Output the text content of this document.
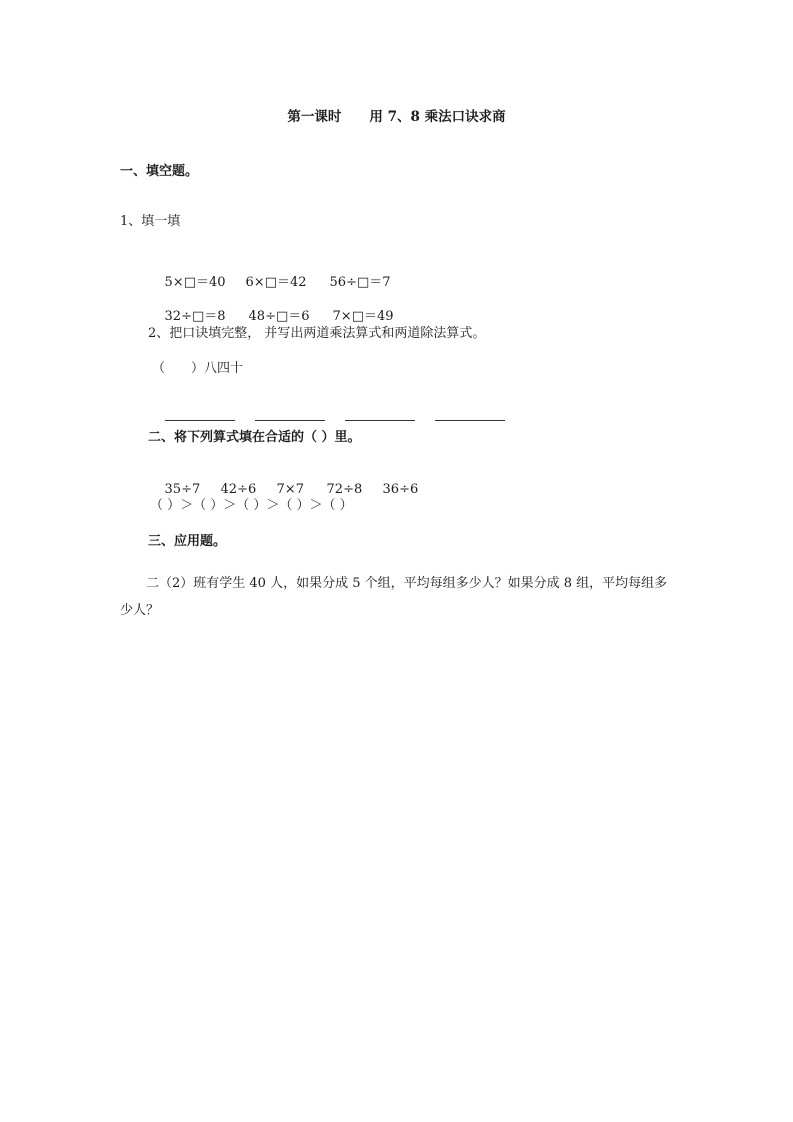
第一课时 用 7、8 乘法口诀求商
一、填空题。
1、填一填

5×□＝40 6×□＝42 56÷□＝7

32÷□＝8 48÷□＝6 7×□＝49

2、把口诀填完整， 并写出两道乘法算式和两道除法算式。
（　　）八四十

二、将下列算式填在合适的（ ）里。

35÷7 42÷6 7×7 72÷8 36÷6

（ ）＞（ ）＞（ ）＞（ ）＞（ ）
三、应用题。
二（2）班有学生 40 人，如果分成 5 个组，平均每组多少人？如果分成 8 组，平均每组多少人？
